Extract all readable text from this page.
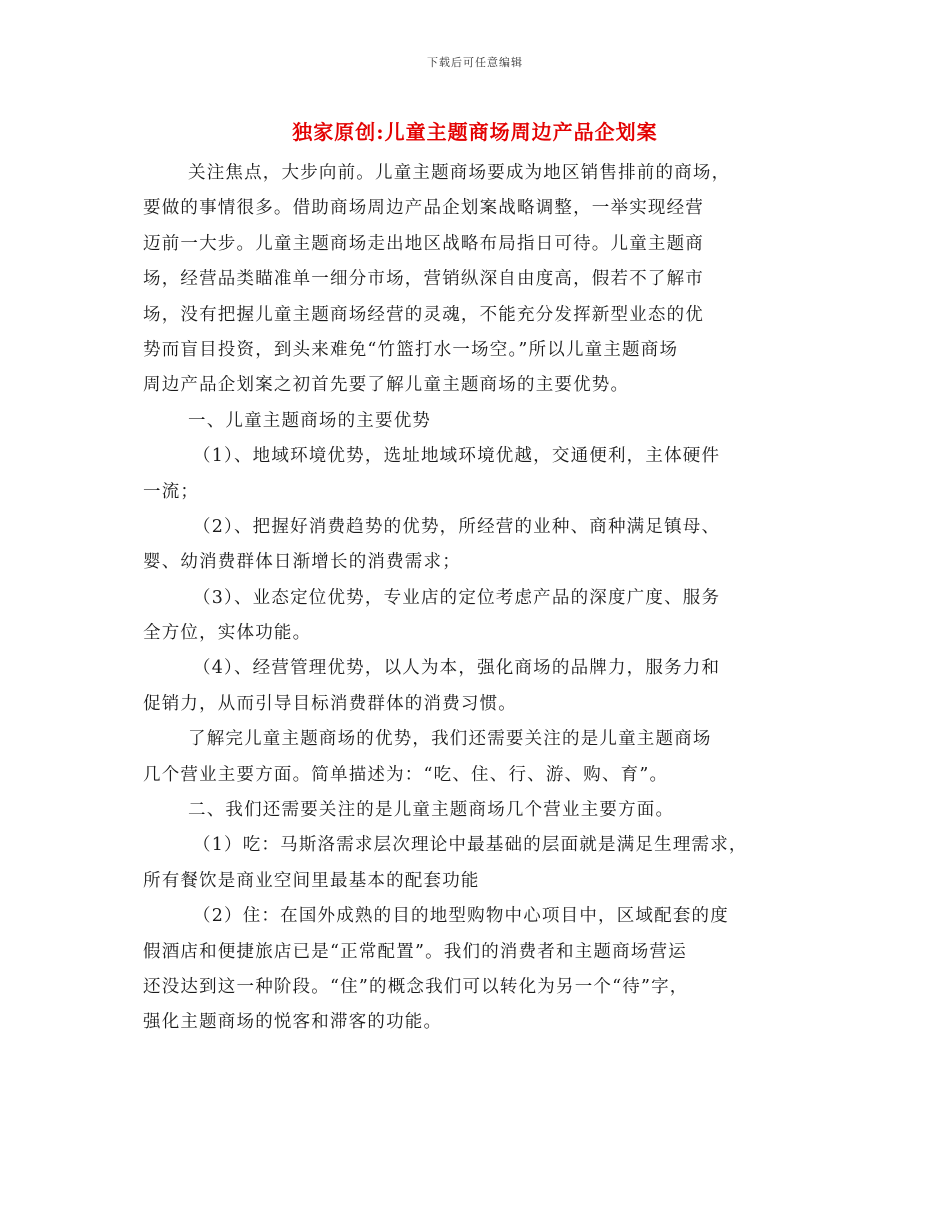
下载后可任意编辑
独家原创:儿童主题商场周边产品企划案
关注焦点，大步向前。儿童主题商场要成为地区销售排前的商场，
要做的事情很多。借助商场周边产品企划案战略调整，一举实现经营
迈前一大步。儿童主题商场走出地区战略布局指日可待。儿童主题商
场，经营品类瞄准单一细分市场，营销纵深自由度高，假若不了解市
场，没有把握儿童主题商场经营的灵魂，不能充分发挥新型业态的优
势而盲目投资，到头来难免“竹篮打水一场空。”所以儿童主题商场
周边产品企划案之初首先要了解儿童主题商场的主要优势。
一、儿童主题商场的主要优势
（1）、地域环境优势，选址地域环境优越，交通便利，主体硬件
一流；
（2）、把握好消费趋势的优势，所经营的业种、商种满足镇母、
婴、幼消费群体日渐增长的消费需求；
（3）、业态定位优势，专业店的定位考虑产品的深度广度、服务
全方位，实体功能。
（4）、经营管理优势，以人为本，强化商场的品牌力，服务力和
促销力，从而引导目标消费群体的消费习惯。
了解完儿童主题商场的优势，我们还需要关注的是儿童主题商场
几个营业主要方面。简单描述为：“吃、住、行、游、购、育”。
二、我们还需要关注的是儿童主题商场几个营业主要方面。
（1）吃：马斯洛需求层次理论中最基础的层面就是满足生理需求，
所有餐饮是商业空间里最基本的配套功能
（2）住：在国外成熟的目的地型购物中心项目中，区域配套的度
假酒店和便捷旅店已是“正常配置”。我们的消费者和主题商场营运
还没达到这一种阶段。“住”的概念我们可以转化为另一个“待”字，
强化主题商场的悦客和滞客的功能。
